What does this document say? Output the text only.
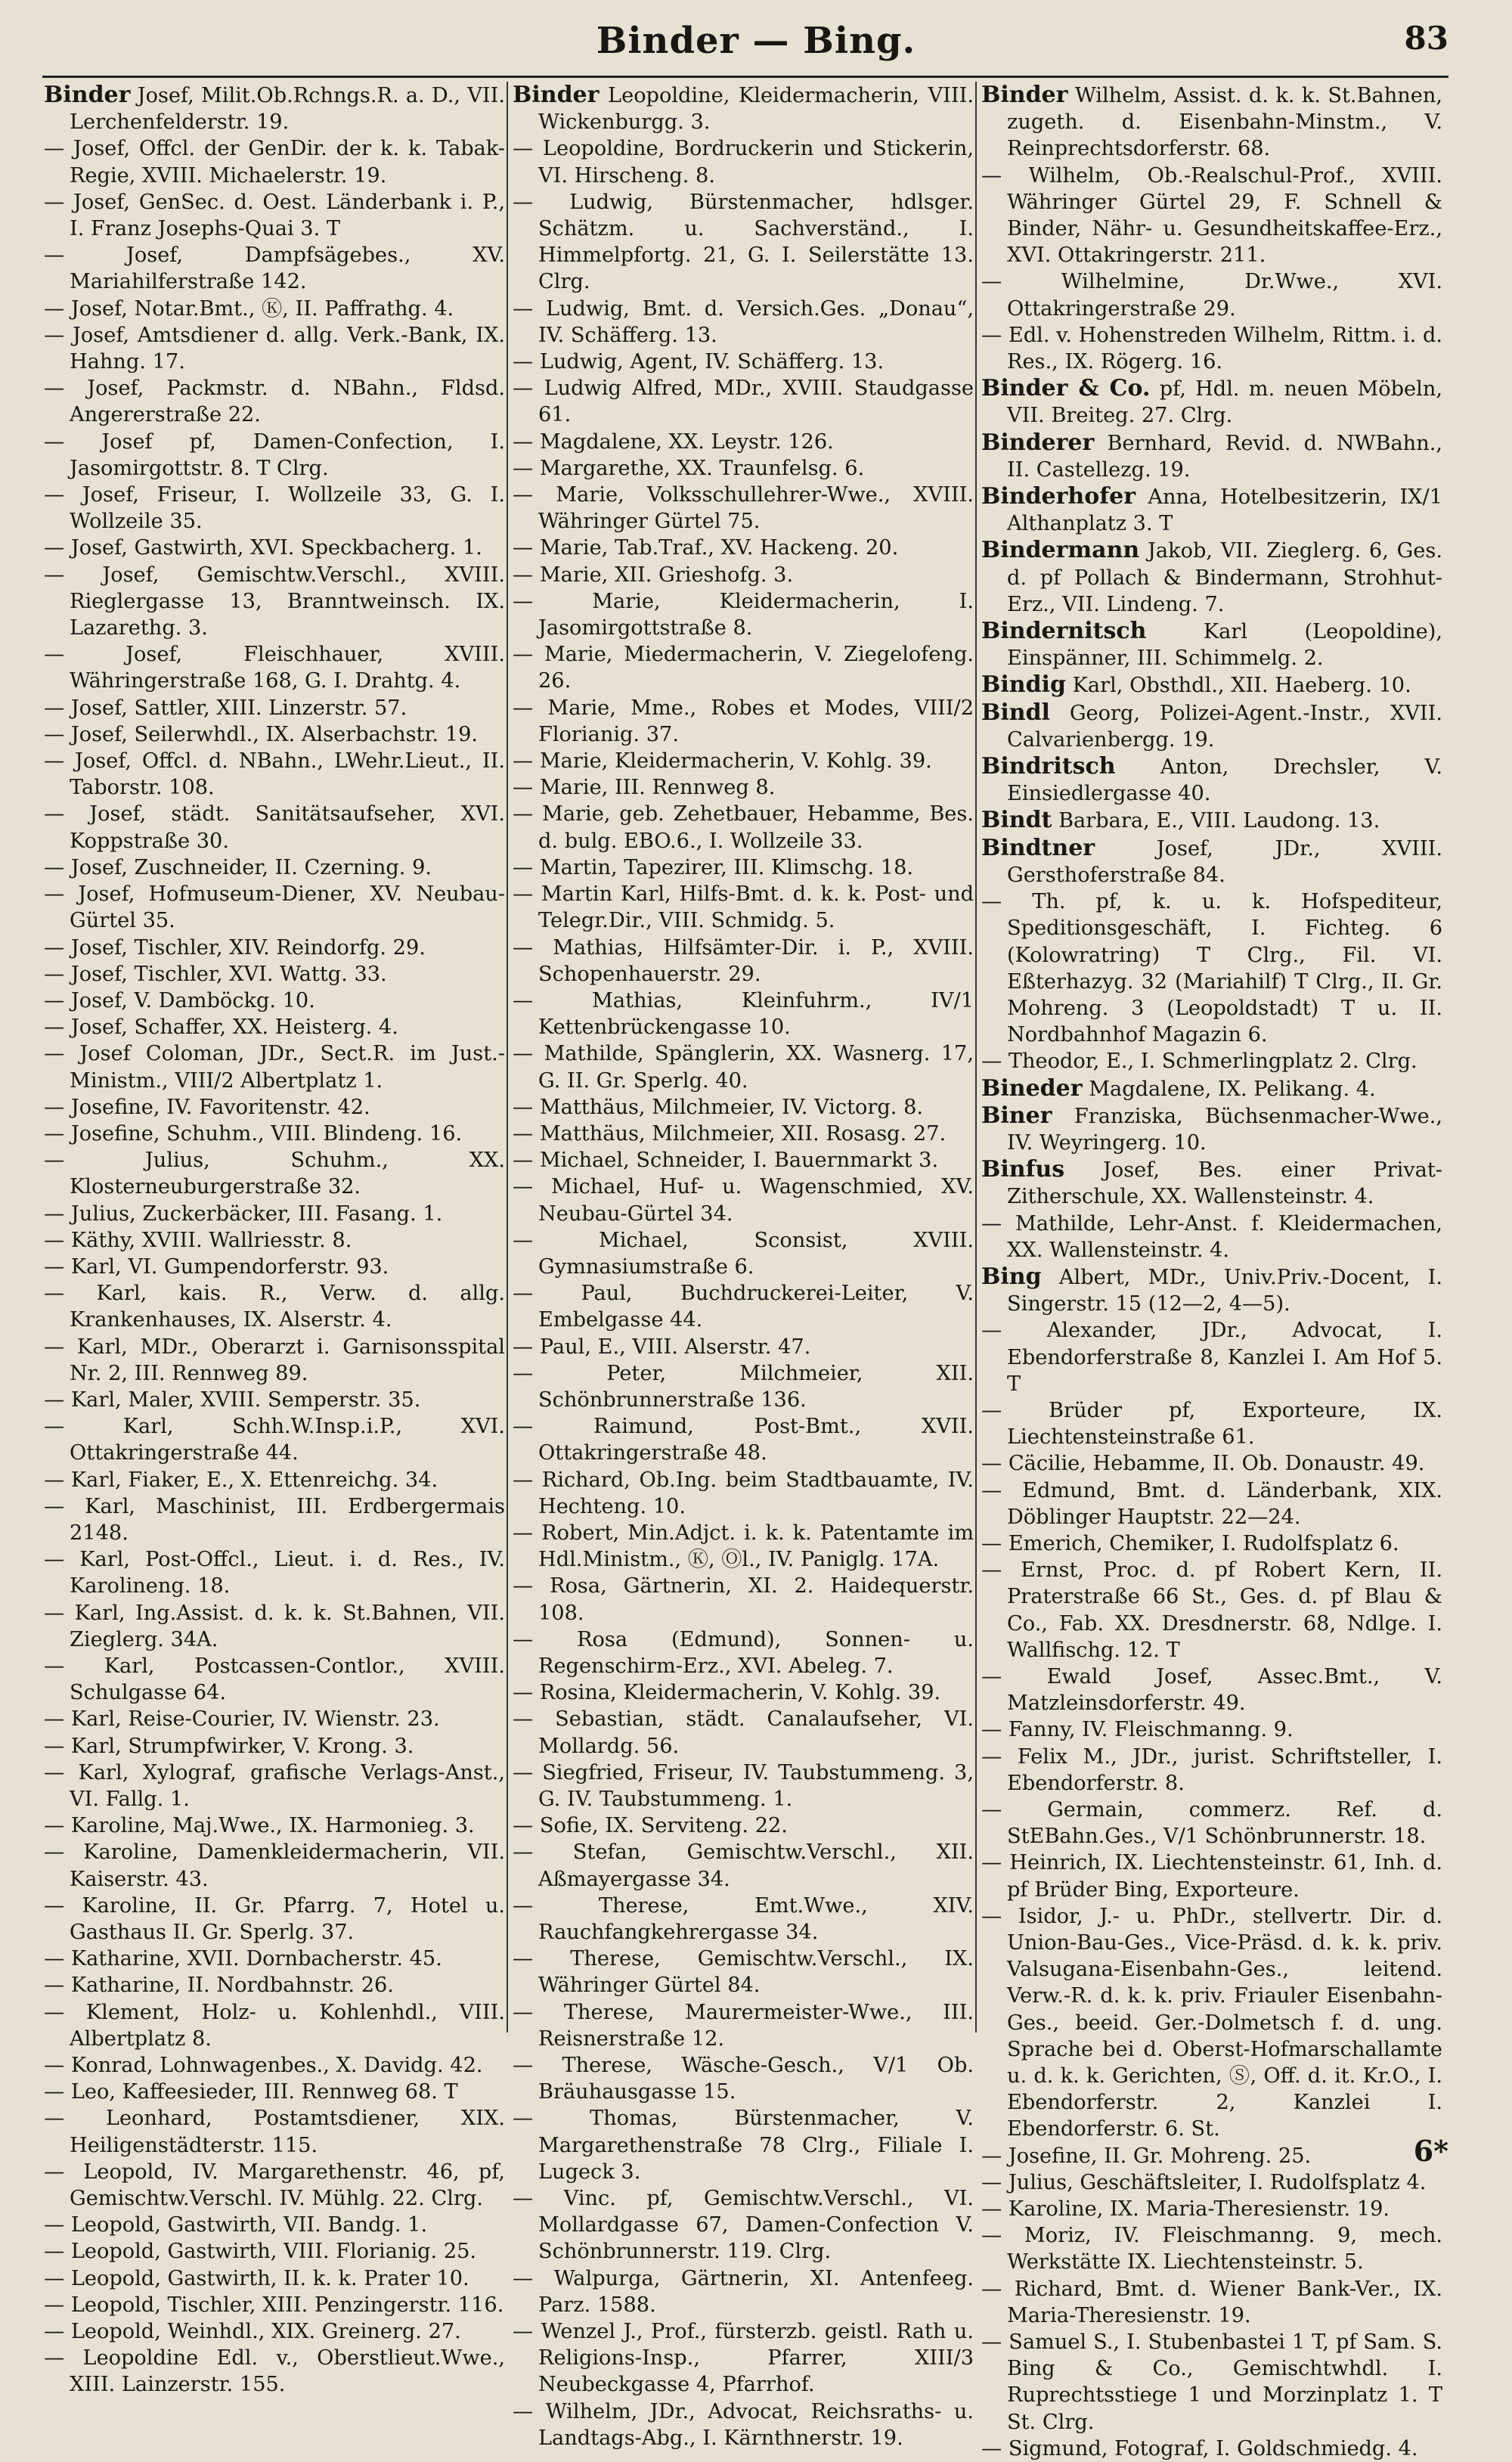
Binder — Bing.	83

Binder Josef, Milit.Ob.Rchngs.R. a. D., VII. Lerchenfelderstr. 19.

— Josef, Offcl. der GenDir. der k. k. Tabak-Regie, XVIII. Michaelerstr. 19.

— Josef, GenSec. d. Oest. Länderbank i. P., I. Franz Josephs-Quai 3. T

— Josef, Dampfsägebes., XV. Mariahilferstraße 142.

— Josef, Notar.Bmt., Ⓚ, II. Paffrathg. 4.

— Josef, Amtsdiener d. allg. Verk.-Bank, IX. Hahng. 17.

— Josef, Packmstr. d. NBahn., Fldsd. Angererstraße 22.

— Josef pf, Damen-Confection, I. Jasomirgottstr. 8. T Clrg.

— Josef, Friseur, I. Wollzeile 33, G. I. Wollzeile 35.

— Josef, Gastwirth, XVI. Speckbacherg. 1.

— Josef, Gemischtw.Verschl., XVIII. Rieglergasse 13, Branntweinsch. IX. Lazarethg. 3.

— Josef, Fleischhauer, XVIII. Währingerstraße 168, G. I. Drahtg. 4.

— Josef, Sattler, XIII. Linzerstr. 57.

— Josef, Seilerwhdl., IX. Alserbachstr. 19.

— Josef, Offcl. d. NBahn., LWehr.Lieut., II. Taborstr. 108.

— Josef, städt. Sanitätsaufseher, XVI. Koppstraße 30.

— Josef, Zuschneider, II. Czerning. 9.

— Josef, Hofmuseum-Diener, XV. Neubau-Gürtel 35.

— Josef, Tischler, XIV. Reindorfg. 29.

— Josef, Tischler, XVI. Wattg. 33.

— Josef, V. Damböckg. 10.

— Josef, Schaffer, XX. Heisterg. 4.

— Josef Coloman, JDr., Sect.R. im Just.-Ministm., VIII/2 Albertplatz 1.

— Josefine, IV. Favoritenstr. 42.

— Josefine, Schuhm., VIII. Blindeng. 16.

— Julius, Schuhm., XX. Klosterneuburgerstraße 32.

— Julius, Zuckerbäcker, III. Fasang. 1.

— Käthy, XVIII. Wallriesstr. 8.

— Karl, VI. Gumpendorferstr. 93.

— Karl, kais. R., Verw. d. allg. Krankenhauses, IX. Alserstr. 4.

— Karl, MDr., Oberarzt i. Garnisonsspital Nr. 2, III. Rennweg 89.

— Karl, Maler, XVIII. Semperstr. 35.

— Karl, Schh.W.Insp.i.P., XVI. Ottakringerstraße 44.

— Karl, Fiaker, E., X. Ettenreichg. 34.

— Karl, Maschinist, III. Erdbergermais 2148.

— Karl, Post-Offcl., Lieut. i. d. Res., IV. Karolineng. 18.

— Karl, Ing.Assist. d. k. k. St.Bahnen, VII. Zieglerg. 34A.

— Karl, Postcassen-Contlor., XVIII. Schulgasse 64.

— Karl, Reise-Courier, IV. Wienstr. 23.

— Karl, Strumpfwirker, V. Krong. 3.

— Karl, Xylograf, grafische Verlags-Anst., VI. Fallg. 1.

— Karoline, Maj.Wwe., IX. Harmonieg. 3.

— Karoline, Damenkleidermacherin, VII. Kaiserstr. 43.

— Karoline, II. Gr. Pfarrg. 7, Hotel u. Gasthaus II. Gr. Sperlg. 37.

— Katharine, XVII. Dornbacherstr. 45.

— Katharine, II. Nordbahnstr. 26.

— Klement, Holz- u. Kohlenhdl., VIII. Albertplatz 8.

— Konrad, Lohnwagenbes., X. Davidg. 42.

— Leo, Kaffeesieder, III. Rennweg 68. T

— Leonhard, Postamtsdiener, XIX. Heiligenstädterstr. 115.

— Leopold, IV. Margarethenstr. 46, pf, Gemischtw.Verschl. IV. Mühlg. 22. Clrg.

— Leopold, Gastwirth, VII. Bandg. 1.

— Leopold, Gastwirth, VIII. Florianig. 25.

— Leopold, Gastwirth, II. k. k. Prater 10.

— Leopold, Tischler, XIII. Penzingerstr. 116.

— Leopold, Weinhdl., XIX. Greinerg. 27.

— Leopoldine Edl. v., Oberstlieut.Wwe., XIII. Lainzerstr. 155.

Binder Leopoldine, Kleidermacherin, VIII. Wickenburgg. 3.

— Leopoldine, Bordruckerin und Stickerin, VI. Hirscheng. 8.

— Ludwig, Bürstenmacher, hdlsger. Schätzm. u. Sachverständ., I. Himmelpfortg. 21, G. I. Seilerstätte 13. Clrg.

— Ludwig, Bmt. d. Versich.Ges. „Donau“, IV. Schäfferg. 13.

— Ludwig, Agent, IV. Schäfferg. 13.

— Ludwig Alfred, MDr., XVIII. Staudgasse 61.

— Magdalene, XX. Leystr. 126.

— Margarethe, XX. Traunfelsg. 6.

— Marie, Volksschullehrer-Wwe., XVIII. Währinger Gürtel 75.

— Marie, Tab.Traf., XV. Hackeng. 20.

— Marie, XII. Grieshofg. 3.

— Marie, Kleidermacherin, I. Jasomirgottstraße 8.

— Marie, Miedermacherin, V. Ziegelofeng. 26.

— Marie, Mme., Robes et Modes, VIII/2 Florianig. 37.

— Marie, Kleidermacherin, V. Kohlg. 39.

— Marie, III. Rennweg 8.

— Marie, geb. Zehetbauer, Hebamme, Bes. d. bulg. EBO.6., I. Wollzeile 33.

— Martin, Tapezirer, III. Klimschg. 18.

— Martin Karl, Hilfs-Bmt. d. k. k. Post- und Telegr.Dir., VIII. Schmidg. 5.

— Mathias, Hilfsämter-Dir. i. P., XVIII. Schopenhauerstr. 29.

— Mathias, Kleinfuhrm., IV/1 Kettenbrückengasse 10.

— Mathilde, Spänglerin, XX. Wasnerg. 17, G. II. Gr. Sperlg. 40.

— Matthäus, Milchmeier, IV. Victorg. 8.

— Matthäus, Milchmeier, XII. Rosasg. 27.

— Michael, Schneider, I. Bauernmarkt 3.

— Michael, Huf- u. Wagenschmied, XV. Neubau-Gürtel 34.

— Michael, Sconsist, XVIII. Gymnasiumstraße 6.

— Paul, Buchdruckerei-Leiter, V. Embelgasse 44.

— Paul, E., VIII. Alserstr. 47.

— Peter, Milchmeier, XII. Schönbrunnerstraße 136.

— Raimund, Post-Bmt., XVII. Ottakringerstraße 48.

— Richard, Ob.Ing. beim Stadtbauamte, IV. Hechteng. 10.

— Robert, Min.Adjct. i. k. k. Patentamte im Hdl.Ministm., Ⓚ, Ⓞl., IV. Paniglg. 17A.

— Rosa, Gärtnerin, XI. 2. Haidequerstr. 108.

— Rosa (Edmund), Sonnen- u. Regenschirm-Erz., XVI. Abeleg. 7.

— Rosina, Kleidermacherin, V. Kohlg. 39.

— Sebastian, städt. Canalaufseher, VI. Mollardg. 56.

— Siegfried, Friseur, IV. Taubstummeng. 3, G. IV. Taubstummeng. 1.

— Sofie, IX. Serviteng. 22.

— Stefan, Gemischtw.Verschl., XII. Aßmayergasse 34.

— Therese, Emt.Wwe., XIV. Rauchfangkehrergasse 34.

— Therese, Gemischtw.Verschl., IX. Währinger Gürtel 84.

— Therese, Maurermeister-Wwe., III. Reisnerstraße 12.

— Therese, Wäsche-Gesch., V/1 Ob. Bräuhausgasse 15.

— Thomas, Bürstenmacher, V. Margarethenstraße 78 Clrg., Filiale I. Lugeck 3.

— Vinc. pf, Gemischtw.Verschl., VI. Mollardgasse 67, Damen-Confection V. Schönbrunnerstr. 119. Clrg.

— Walpurga, Gärtnerin, XI. Antenfeeg. Parz. 1588.

— Wenzel J., Prof., fürsterzb. geistl. Rath u. Religions-Insp., Pfarrer, XIII/3 Neubeckgasse 4, Pfarrhof.

— Wilhelm, JDr., Advocat, Reichsraths- u. Landtags-Abg., I. Kärnthnerstr. 19.

Binder Wilhelm, Assist. d. k. k. St.Bahnen, zugeth. d. Eisenbahn-Minstm., V. Reinprechtsdorferstr. 68.

— Wilhelm, Ob.-Realschul-Prof., XVIII. Währinger Gürtel 29, F. Schnell & Binder, Nähr- u. Gesundheitskaffee-Erz., XVI. Ottakringerstr. 211.

— Wilhelmine, Dr.Wwe., XVI. Ottakringerstraße 29.

— Edl. v. Hohenstreden Wilhelm, Rittm. i. d. Res., IX. Rögerg. 16.

Binder & Co. pf, Hdl. m. neuen Möbeln, VII. Breiteg. 27. Clrg.

Binderer Bernhard, Revid. d. NWBahn., II. Castellezg. 19.

Binderhofer Anna, Hotelbesitzerin, IX/1 Althanplatz 3. T

Bindermann Jakob, VII. Zieglerg. 6, Ges. d. pf Pollach & Bindermann, Strohhut-Erz., VII. Lindeng. 7.

Bindernitsch	Karl (Leopoldine), Einspänner, III. Schimmelg. 2.

Bindig Karl, Obsthdl., XII. Haeberg. 10.

Bindl Georg, Polizei-Agent.-Instr., XVII. Calvarienbergg. 19.

Bindritsch Anton, Drechsler, V. Einsiedlergasse 40.

Bindt Barbara, E., VIII. Laudong. 13.

Bindtner	Josef, JDr., XVIII. Gersthoferstraße 84.

— Th. pf, k. u. k. Hofspediteur, Speditionsgeschäft, I. Fichteg. 6 (Kolowratring) T Clrg., Fil. VI. Eßterhazyg. 32 (Mariahilf) T Clrg., II. Gr. Mohreng. 3 (Leopoldstadt) T u. II. Nordbahnhof Magazin 6.

— Theodor, E., I. Schmerlingplatz 2. Clrg.

Bineder Magdalene, IX. Pelikang. 4.

Biner Franziska, Büchsenmacher-Wwe., IV. Weyringerg. 10.

Binfus Josef, Bes. einer Privat-Zitherschule, XX. Wallensteinstr. 4.

— Mathilde, Lehr-Anst. f. Kleidermachen, XX. Wallensteinstr. 4.

Bing Albert, MDr., Univ.Priv.-Docent, I. Singerstr. 15 (12—2, 4—5).

— Alexander, JDr., Advocat, I. Ebendorferstraße 8, Kanzlei I. Am Hof 5. T

— Brüder pf, Exporteure, IX. Liechtensteinstraße 61.

— Cäcilie, Hebamme, II. Ob. Donaustr. 49.

— Edmund, Bmt. d. Länderbank, XIX. Döblinger Hauptstr. 22—24.

— Emerich, Chemiker, I. Rudolfsplatz 6.

— Ernst, Proc. d. pf Robert Kern, II. Praterstraße 66 St., Ges. d. pf Blau & Co., Fab. XX. Dresdnerstr. 68, Ndlge. I. Wallfischg. 12. T

— Ewald Josef, Assec.Bmt., V. Matzleinsdorferstr. 49.

— Fanny, IV. Fleischmanng. 9.

— Felix M., JDr., jurist. Schriftsteller, I. Ebendorferstr. 8.

— Germain, commerz. Ref. d. StEBahn.Ges., V/1 Schönbrunnerstr. 18.

— Heinrich, IX. Liechtensteinstr. 61, Inh. d. pf Brüder Bing, Exporteure.

— Isidor, J.- u. PhDr., stellvertr. Dir. d. Union-Bau-Ges., Vice-Präsd. d. k. k. priv. Valsugana-Eisenbahn-Ges., leitend. Verw.-R. d. k. k. priv. Friauler Eisenbahn-Ges., beeid. Ger.-Dolmetsch f. d. ung. Sprache bei d. Oberst-Hofmarschallamte u. d. k. k. Gerichten, Ⓢ, Off. d. it. Kr.O., I. Ebendorferstr. 2, Kanzlei I. Ebendorferstr. 6. St.

— Josefine, II. Gr. Mohreng. 25.

— Julius, Geschäftsleiter, I. Rudolfsplatz 4.

— Karoline, IX. Maria-Theresienstr. 19.

— Moriz, IV. Fleischmanng. 9, mech. Werkstätte IX. Liechtensteinstr. 5.

— Richard, Bmt. d. Wiener Bank-Ver., IX. Maria-Theresienstr. 19.

— Samuel S., I. Stubenbastei 1 T, pf Sam. S. Bing & Co., Gemischtwhdl. I. Ruprechtsstiege 1 und Morzinplatz 1. T St. Clrg.

— Sigmund, Fotograf, I. Goldschmiedg. 4.

6*
